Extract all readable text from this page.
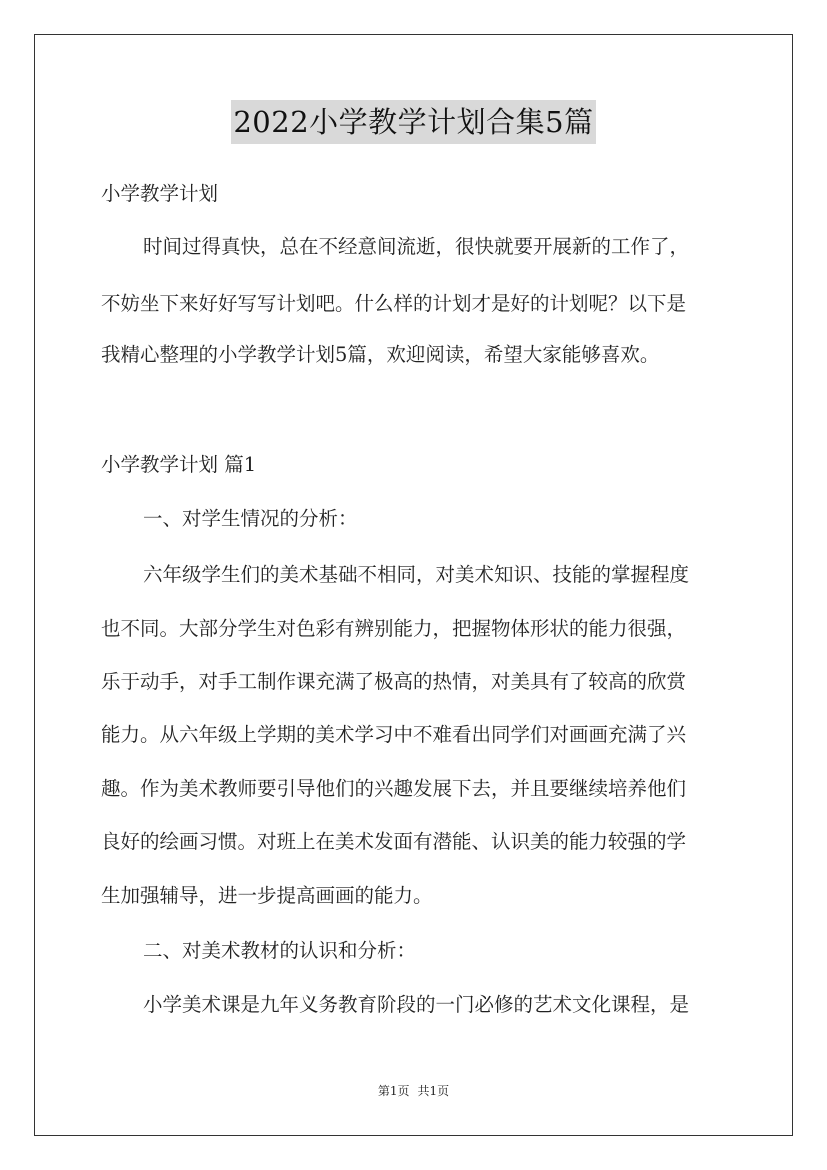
2022小学教学计划合集5篇
小学教学计划
时间过得真快，总在不经意间流逝，很快就要开展新的工作了，
不妨坐下来好好写写计划吧。什么样的计划才是好的计划呢？以下是
我精心整理的小学教学计划5篇，欢迎阅读，希望大家能够喜欢。
小学教学计划 篇1
一、对学生情况的分析：
六年级学生们的美术基础不相同，对美术知识、技能的掌握程度
也不同。大部分学生对色彩有辨别能力，把握物体形状的能力很强，
乐于动手，对手工制作课充满了极高的热情，对美具有了较高的欣赏
能力。从六年级上学期的美术学习中不难看出同学们对画画充满了兴
趣。作为美术教师要引导他们的兴趣发展下去，并且要继续培养他们
良好的绘画习惯。对班上在美术发面有潜能、认识美的能力较强的学
生加强辅导，进一步提高画画的能力。
二、对美术教材的认识和分析：
小学美术课是九年义务教育阶段的一门必修的艺术文化课程，是
第1页 共1页
